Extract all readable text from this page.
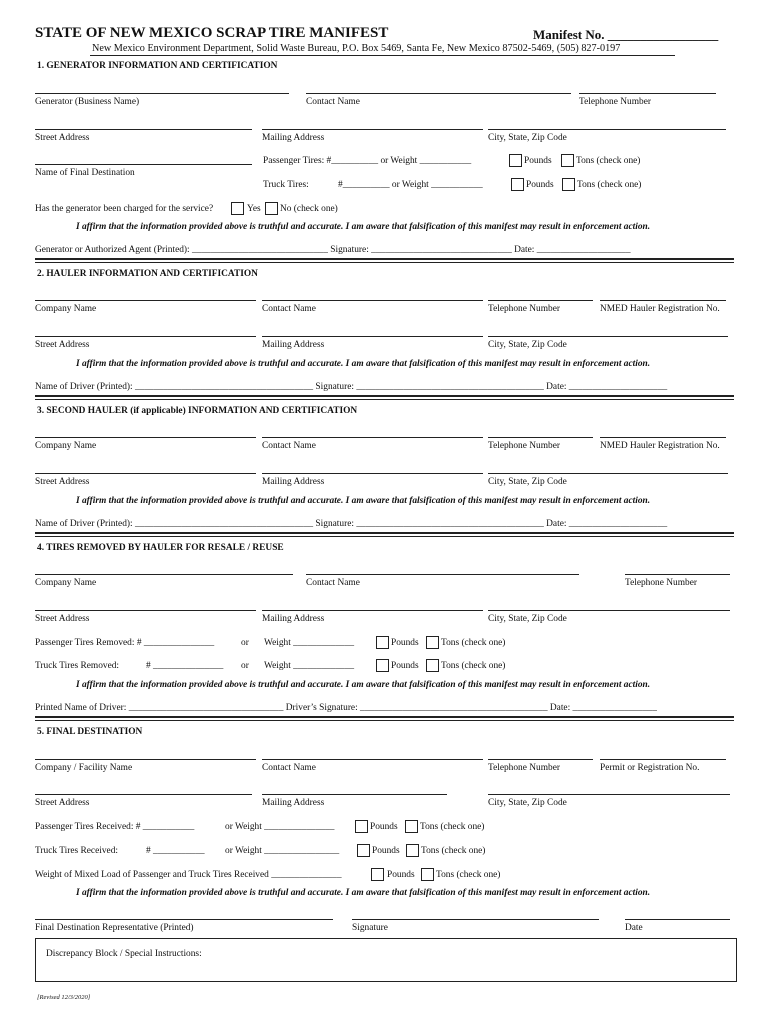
STATE OF NEW MEXICO SCRAP TIRE MANIFEST	Manifest No. _________________
New Mexico Environment Department, Solid Waste Bureau, P.O. Box 5469, Santa Fe, New Mexico 87502-5469, (505) 827-0197
1. GENERATOR INFORMATION AND CERTIFICATION
Generator (Business Name)	Contact Name	Telephone Number
Street Address	Mailing Address	City, State, Zip Code
Name of Final Destination
Passenger Tires: #__________ or Weight ___________	Pounds	Tons (check one)
Truck Tires:	#__________ or Weight ___________	Pounds Tons (check one)
Has the generator been charged for the service?	Yes No (check one)
I affirm that the information provided above is truthful and accurate. I am aware that falsification of this manifest may result in enforcement action.
Generator or Authorized Agent (Printed): _____________________________ Signature: ______________________________ Date: ____________________
2. HAULER INFORMATION AND CERTIFICATION
Company Name	Contact Name	Telephone Number	NMED Hauler Registration No.
Street Address	Mailing Address	City, State, Zip Code
I affirm that the information provided above is truthful and accurate. I am aware that falsification of this manifest may result in enforcement action.
Name of Driver (Printed): ______________________________________ Signature: ________________________________________ Date: _____________________
3. SECOND HAULER (if applicable) INFORMATION AND CERTIFICATION
Company Name	Contact Name	Telephone Number	NMED Hauler Registration No.
Street Address	Mailing Address	City, State, Zip Code
I affirm that the information provided above is truthful and accurate. I am aware that falsification of this manifest may result in enforcement action.
Name of Driver (Printed): ______________________________________ Signature: ________________________________________ Date: _____________________
4. TIRES REMOVED BY HAULER FOR RESALE / REUSE
Company Name	Contact Name	Telephone Number
Street Address	Mailing Address	City, State, Zip Code
Passenger Tires Removed: # _______________	or Weight _____________	Pounds Tons (check one)
Truck Tires Removed:	# _______________ or Weight _____________	Pounds Tons (check one)
I affirm that the information provided above is truthful and accurate. I am aware that falsification of this manifest may result in enforcement action.
Printed Name of Driver: _________________________________ Driver’s Signature: ________________________________________ Date: __________________
5. FINAL DESTINATION
Company / Facility Name	Contact Name	Telephone Number	Permit or Registration No.
Street Address	Mailing Address	City, State, Zip Code
Passenger Tires Received: # ___________	or Weight _______________	Pounds Tons (check one)
Truck Tires Received:	# ___________ or Weight ________________	Pounds Tons (check one)
Weight of Mixed Load of Passenger and Truck Tires Received _______________	Pounds Tons (check one)
I affirm that the information provided above is truthful and accurate. I am aware that falsification of this manifest may result in enforcement action.
Final Destination Representative (Printed)	Signature	Date
Discrepancy Block / Special Instructions:
[Revised 12/3/2020]
